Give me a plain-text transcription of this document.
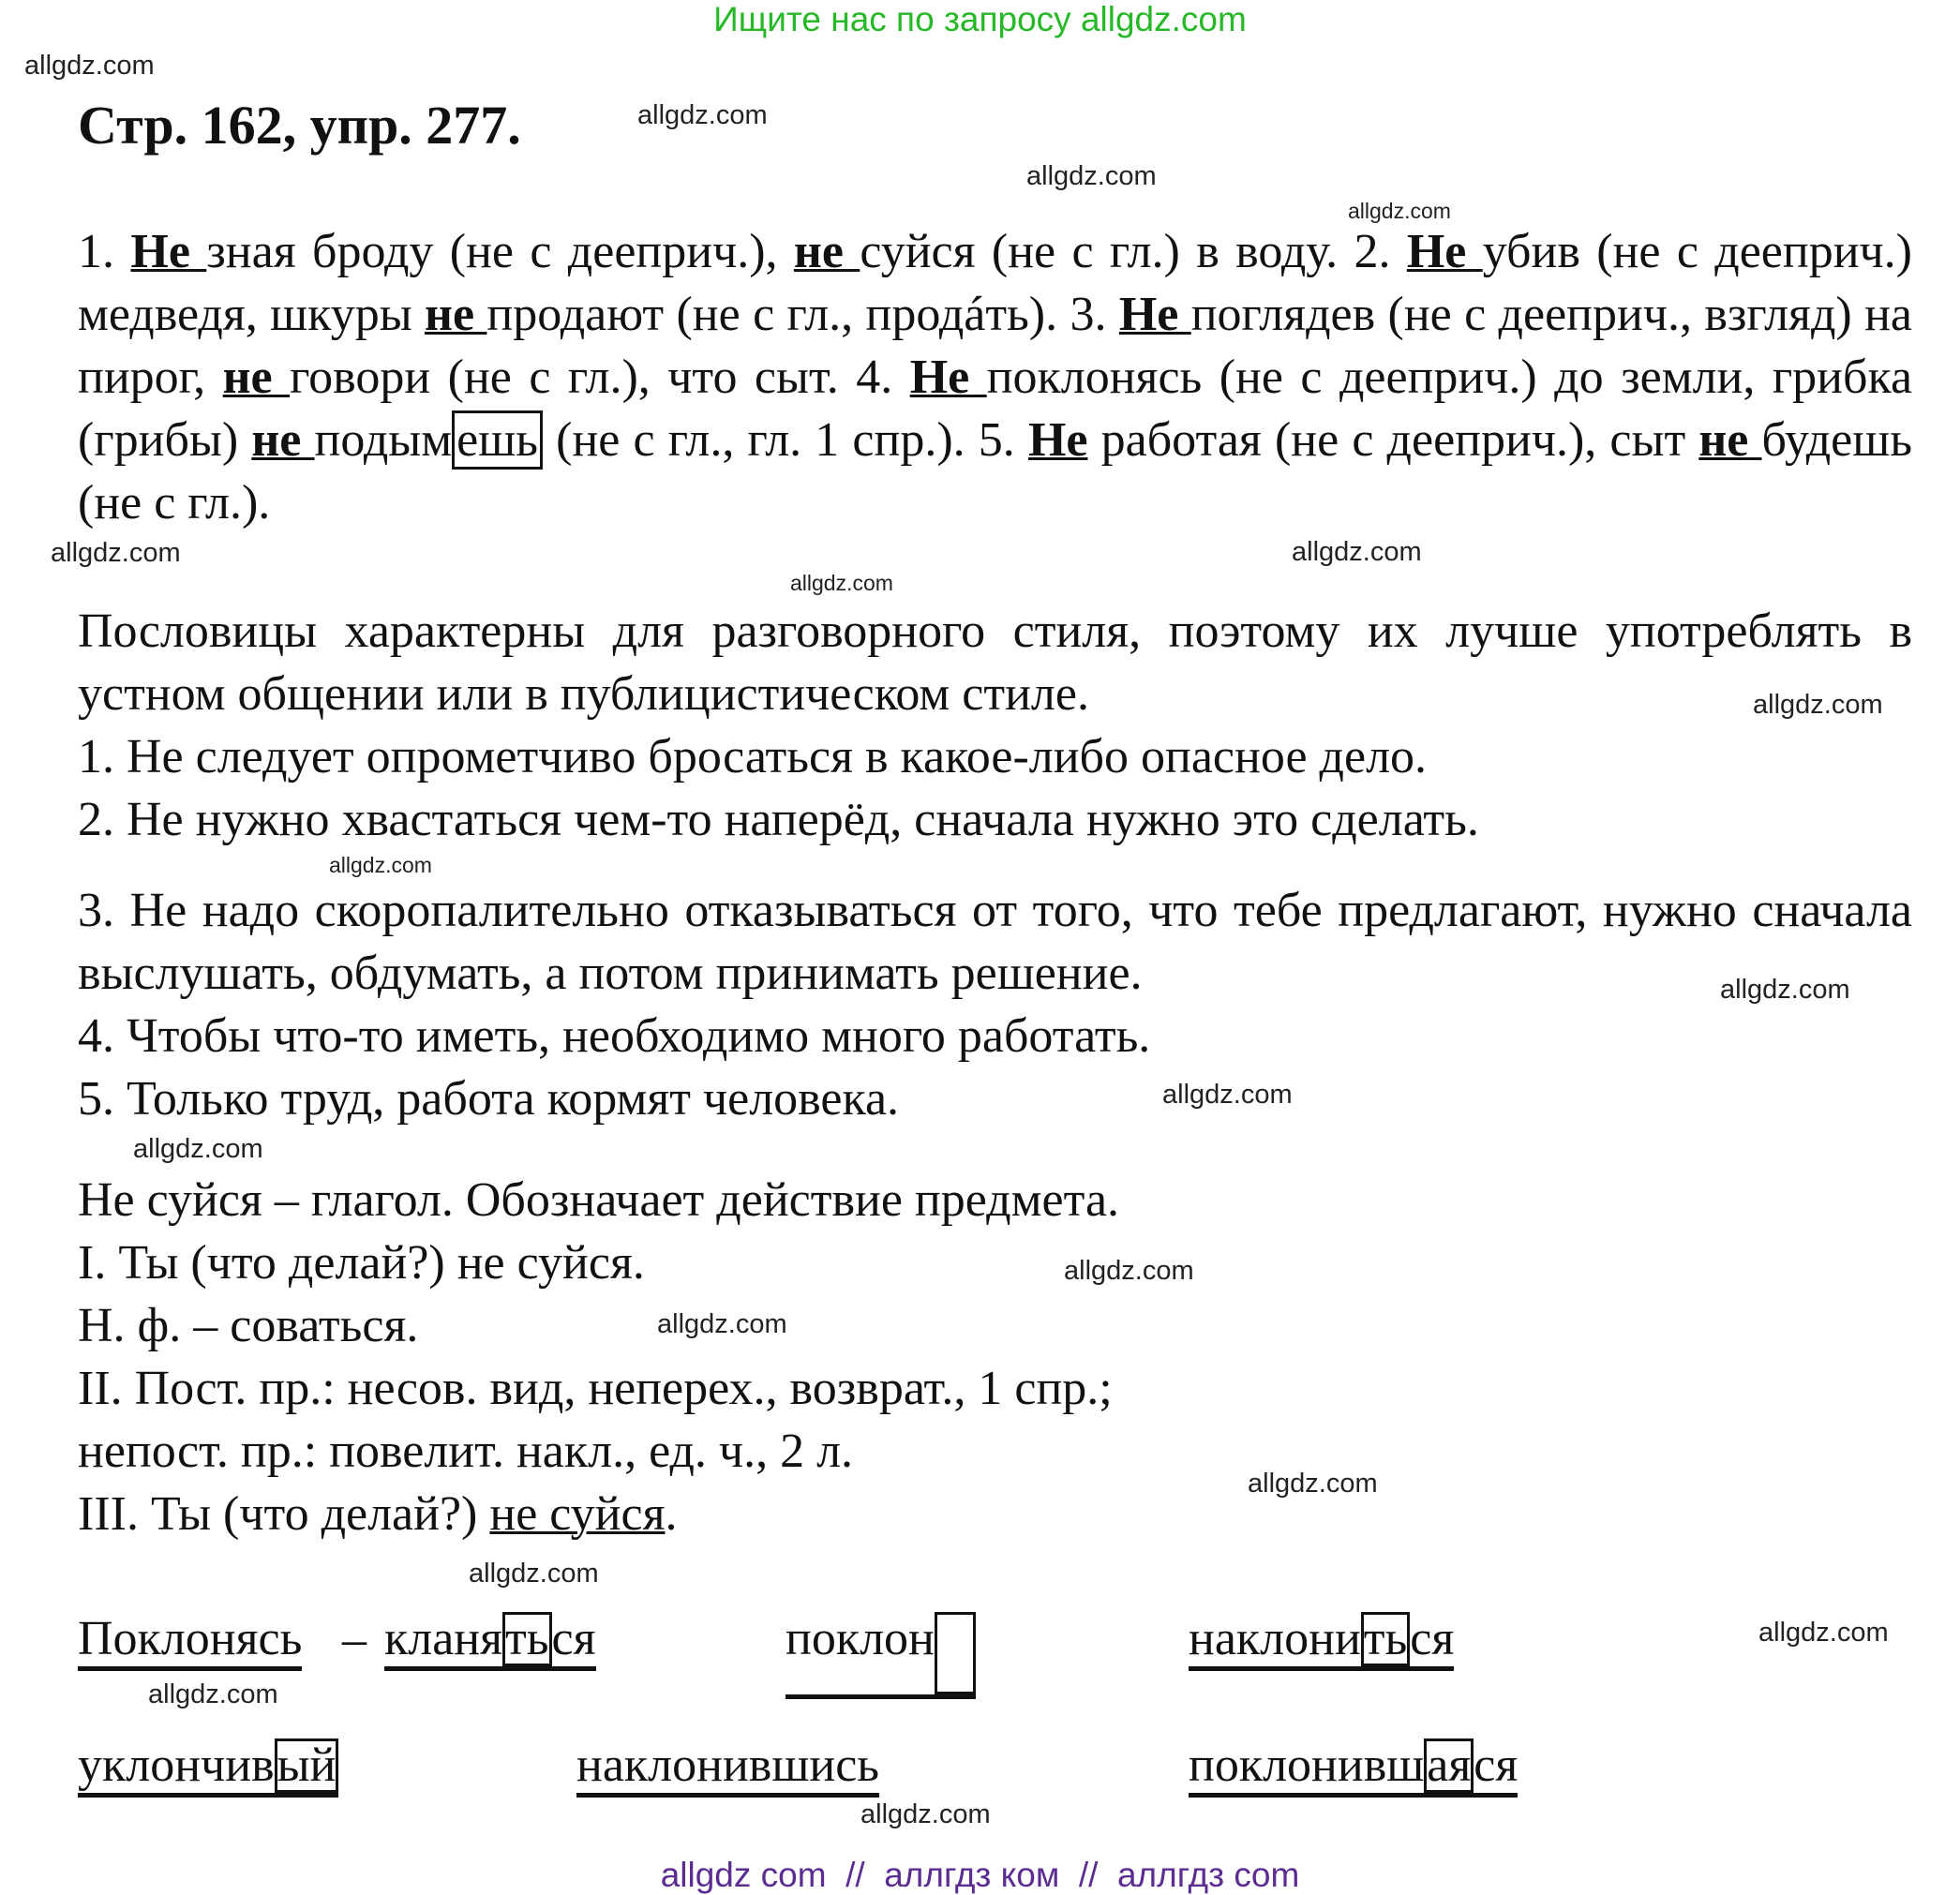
Ищите нас по запросу allgdz.com
Стр. 162, упр. 277.
allgdz.com
allgdz.com
allgdz.com
allgdz.com
allgdz.com
allgdz.com
allgdz.com
allgdz.com
allgdz.com
allgdz.com
allgdz.com
allgdz.com
allgdz.com
allgdz.com
allgdz.com
allgdz.com
allgdz.com
allgdz.com
allgdz.com
1. Не зная броду (не с дееприч.), не суйся (не с гл.) в воду. 2. Не убив (не с дееприч.) медведя, шкуры не продают (не с гл., продáть). 3. Не поглядев (не с дееприч., взгляд) на пирог, не говори (не с гл.), что сыт. 4. Не поклонясь (не с дееприч.) до земли, грибка (грибы) не подымешь (не с гл., гл. 1 спр.). 5. Не работая (не с дееприч.), сыт не будешь (не с гл.).
Пословицы характерны для разговорного стиля, поэтому их лучше употреблять в устном общении или в публицистическом стиле.
1. Не следует опрометчиво бросаться в какое-либо опасное дело.
2. Не нужно хвастаться чем-то наперёд, сначала нужно это сделать.
3. Не надо скоропалительно отказываться от того, что тебе предлагают, нужно сначала выслушать, обдумать, а потом принимать решение.
4. Чтобы что-то иметь, необходимо много работать.
5. Только труд, работа кормят человека.
Не суйся – глагол. Обозначает действие предмета.
I. Ты (что делай?) не суйся.
Н. ф. – соваться.
II. Пост. пр.: несов. вид, неперех., возврат., 1 спр.;
непост. пр.: повелит. накл., ед. ч., 2 л.
III. Ты (что делай?) не суйся.
Поклонясь – кланяться	поклон	наклониться
уклончивый	наклонившись	поклонившаяся
allgdz com  //  аллгдз ком  //  аллгдз com
